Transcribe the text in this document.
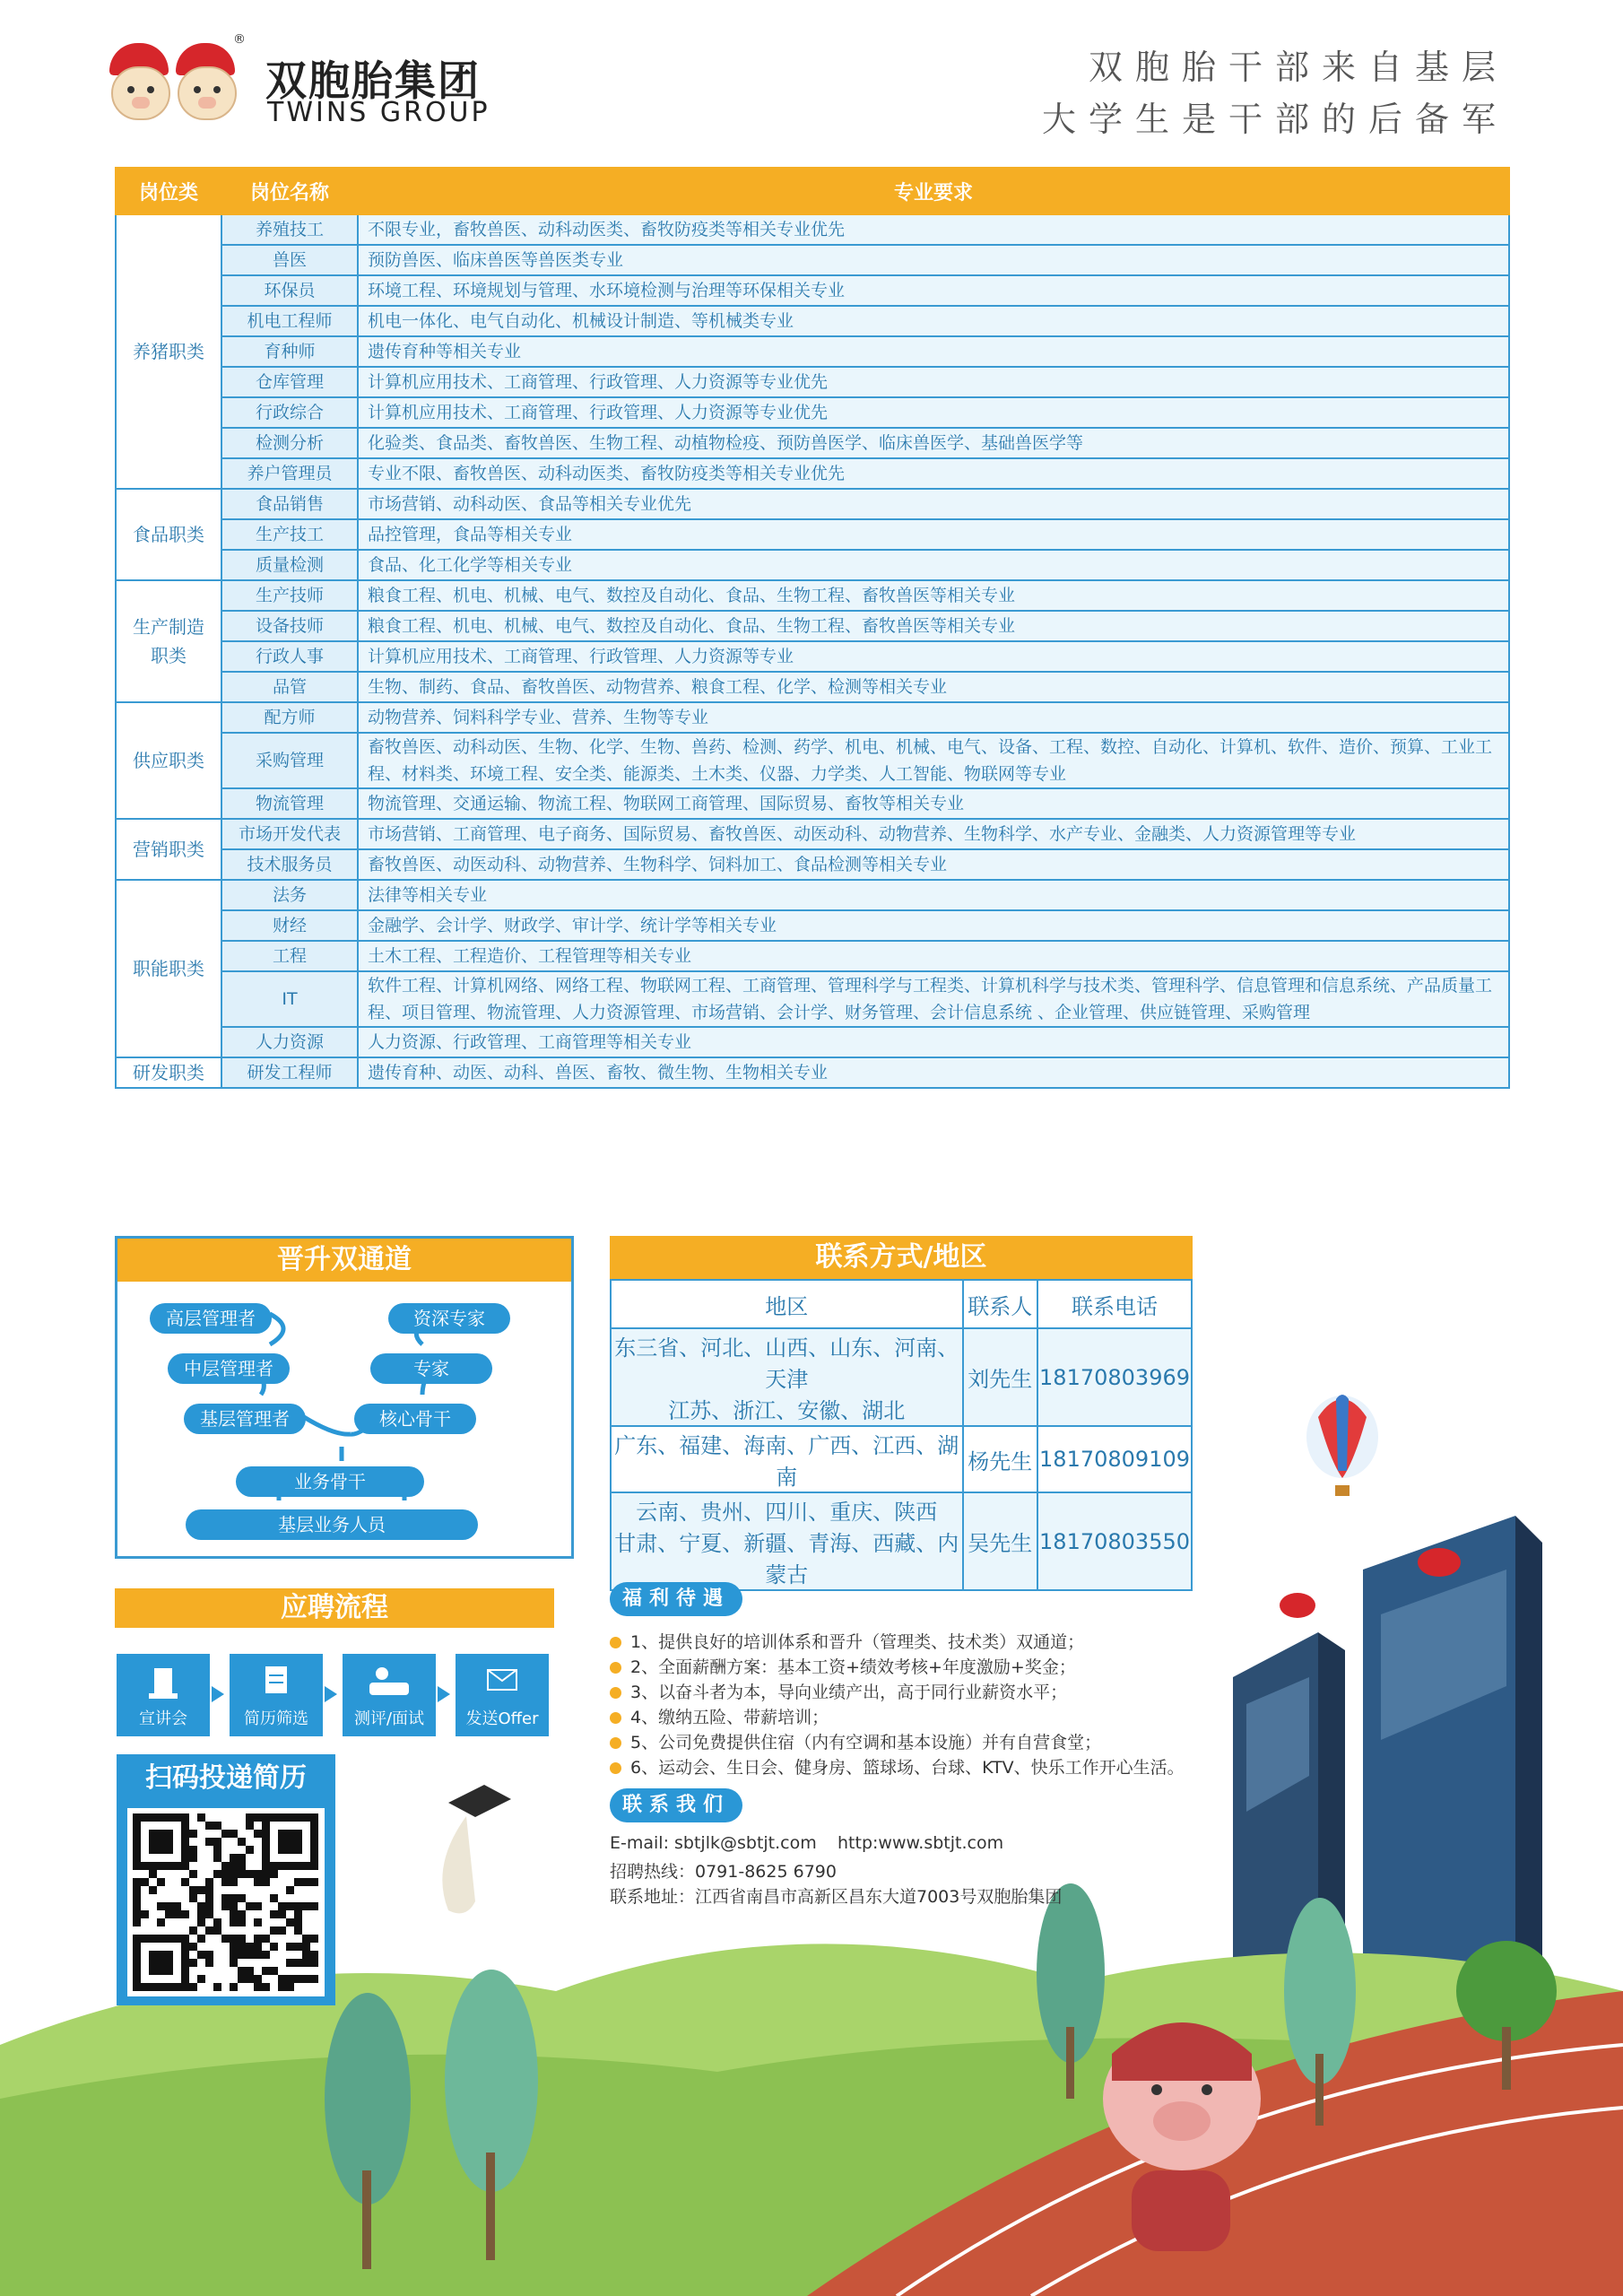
®
双胞胎集团
TWINS GROUP
双胞胎干部来自基层
大学生是干部的后备军
岗位类	岗位名称	专业要求
养猪职类	养殖技工	不限专业，畜牧兽医、动科动医类、畜牧防疫类等相关专业优先
	兽医	预防兽医、临床兽医等兽医类专业
	环保员	环境工程、环境规划与管理、水环境检测与治理等环保相关专业
	机电工程师	机电一体化、电气自动化、机械设计制造、等机械类专业
	育种师	遗传育种等相关专业
	仓库管理	计算机应用技术、工商管理、行政管理、人力资源等专业优先
	行政综合	计算机应用技术、工商管理、行政管理、人力资源等专业优先
	检测分析	化验类、食品类、畜牧兽医、生物工程、动植物检疫、预防兽医学、临床兽医学、基础兽医学等
	养户管理员	专业不限、畜牧兽医、动科动医类、畜牧防疫类等相关专业优先
食品职类	食品销售	市场营销、动科动医、食品等相关专业优先
	生产技工	品控管理，食品等相关专业
	质量检测	食品、化工化学等相关专业
生产制造职类	生产技师	粮食工程、机电、机械、电气、数控及自动化、食品、生物工程、畜牧兽医等相关专业
	设备技师	粮食工程、机电、机械、电气、数控及自动化、食品、生物工程、畜牧兽医等相关专业
	行政人事	计算机应用技术、工商管理、行政管理、人力资源等专业
	品管	生物、制药、食品、畜牧兽医、动物营养、粮食工程、化学、检测等相关专业
供应职类	配方师	动物营养、饲料科学专业、营养、生物等专业
	采购管理	畜牧兽医、动科动医、生物、化学、生物、兽药、检测、药学、机电、机械、电气、设备、工程、数控、自动化、计算机、软件、造价、预算、工业工程、材料类、环境工程、安全类、能源类、土木类、仪器、力学类、人工智能、物联网等专业
	物流管理	物流管理、交通运输、物流工程、物联网工商管理、国际贸易、畜牧等相关专业
营销职类	市场开发代表	市场营销、工商管理、电子商务、国际贸易、畜牧兽医、动医动科、动物营养、生物科学、水产专业、金融类、人力资源管理等专业
	技术服务员	畜牧兽医、动医动科、动物营养、生物科学、饲料加工、食品检测等相关专业
职能职类	法务	法律等相关专业
	财经	金融学、会计学、财政学、审计学、统计学等相关专业
	工程	土木工程、工程造价、工程管理等相关专业
	IT	软件工程、计算机网络、网络工程、物联网工程、工商管理、管理科学与工程类、计算机科学与技术类、管理科学、信息管理和信息系统、产品质量工程、项目管理、物流管理、人力资源管理、市场营销、会计学、财务管理、会计信息系统 、企业管理、供应链管理、采购管理
	人力资源	人力资源、行政管理、工商管理等相关专业
研发职类	研发工程师	遗传育种、动医、动科、兽医、畜牧、微生物、生物相关专业
晋升双通道
高层管理者
中层管理者
基层管理者
资深专家
专家
核心骨干
业务骨干
基层业务人员
联系方式/地区
地区	联系人	联系电话

东三省、河北、山西、山东、河南、天津
江苏、浙江、安徽、湖北	刘先生	18170803969

广东、福建、海南、广西、江西、湖南	杨先生	18170809109

云南、贵州、四川、重庆、陕西
甘肃、宁夏、新疆、青海、西藏、内蒙古	吴先生	18170803550
应聘流程
宣讲会	简历筛选	测评/面试	发送Offer
扫码投递简历
福利待遇
1、提供良好的培训体系和晋升（管理类、技术类）双通道；
2、全面薪酬方案：基本工资+绩效考核+年度激励+奖金；
3、以奋斗者为本，导向业绩产出，高于同行业薪资水平；
4、缴纳五险、带薪培训；
5、公司免费提供住宿（内有空调和基本设施）并有自营食堂；
6、运动会、生日会、健身房、篮球场、台球、KTV、快乐工作开心生活。
联系我们
E-mail: sbtjlk@sbtjt.com http:www.sbtjt.com
招聘热线：0791-8625 6790
联系地址：江西省南昌市高新区昌东大道7003号双胞胎集团
